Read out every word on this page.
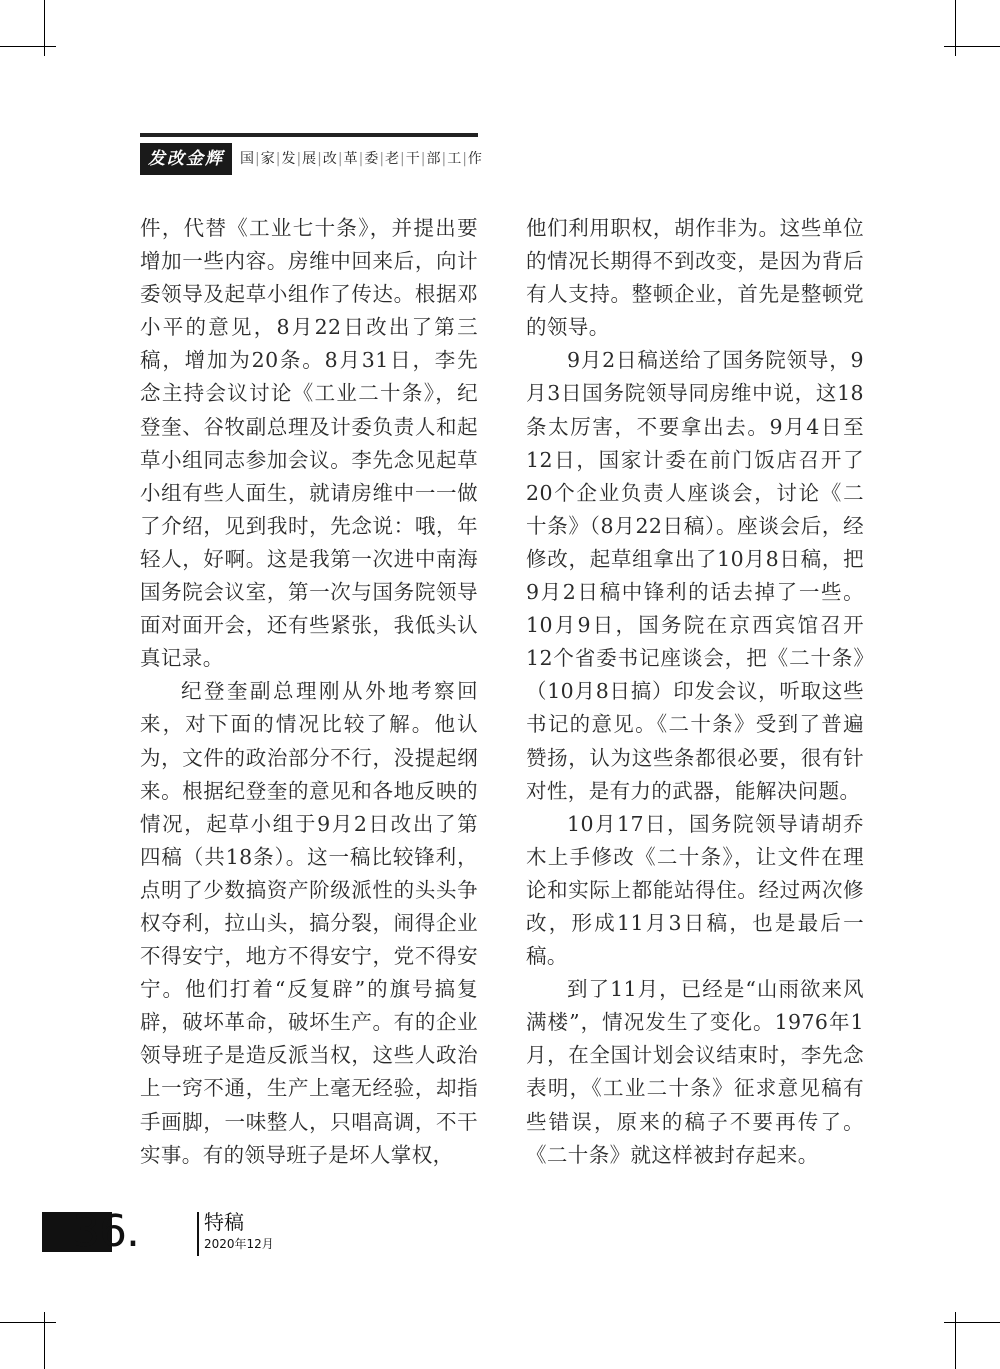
发改金辉	国|家|发|展|改|革|委|老|干|部|工|作

件，代替《工业七十条》，并提出要增加一些内容。房维中回来后，向计委领导及起草小组作了传达。根据邓小平的意见，8月22日改出了第三稿，增加为20条。8月31日，李先念主持会议讨论《工业二十条》，纪登奎、谷牧副总理及计委负责人和起草小组同志参加会议。李先念见起草小组有些人面生，就请房维中一一做了介绍，见到我时，先念说：哦，年轻人，好啊。这是我第一次进中南海国务院会议室，第一次与国务院领导面对面开会，还有些紧张，我低头认真记录。

纪登奎副总理刚从外地考察回来，对下面的情况比较了解。他认为，文件的政治部分不行，没提起纲来。根据纪登奎的意见和各地反映的情况，起草小组于9月2日改出了第四稿（共18条）。这一稿比较锋利，点明了少数搞资产阶级派性的头头争权夺利，拉山头，搞分裂，闹得企业不得安宁，地方不得安宁，党不得安宁。他们打着“反复辟”的旗号搞复辟，破坏革命，破坏生产。有的企业领导班子是造反派当权，这些人政治上一窍不通，生产上毫无经验，却指手画脚，一味整人，只唱高调，不干实事。有的领导班子是坏人掌权，

他们利用职权，胡作非为。这些单位的情况长期得不到改变，是因为背后有人支持。整顿企业，首先是整顿党的领导。

9月2日稿送给了国务院领导，9月3日国务院领导同房维中说，这18条太厉害，不要拿出去。9月4日至12日，国家计委在前门饭店召开了20个企业负责人座谈会，讨论《二十条》（8月22日稿）。座谈会后，经修改，起草组拿出了10月8日稿，把9月2日稿中锋利的话去掉了一些。10月9日，国务院在京西宾馆召开12个省委书记座谈会，把《二十条》（10月8日搞）印发会议，听取这些书记的意见。《二十条》受到了普遍赞扬，认为这些条都很必要，很有针对性，是有力的武器，能解决问题。

10月17日，国务院领导请胡乔木上手修改《二十条》，让文件在理论和实际上都能站得住。经过两次修改，形成11月3日稿，也是最后一稿。

到了11月，已经是“山雨欲来风满楼”，情况发生了变化。1976年1月，在全国计划会议结束时，李先念表明，《工业二十条》征求意见稿有些错误，原来的稿子不要再传了。《二十条》就这样被封存起来。

36.	特稿
2020年12月
